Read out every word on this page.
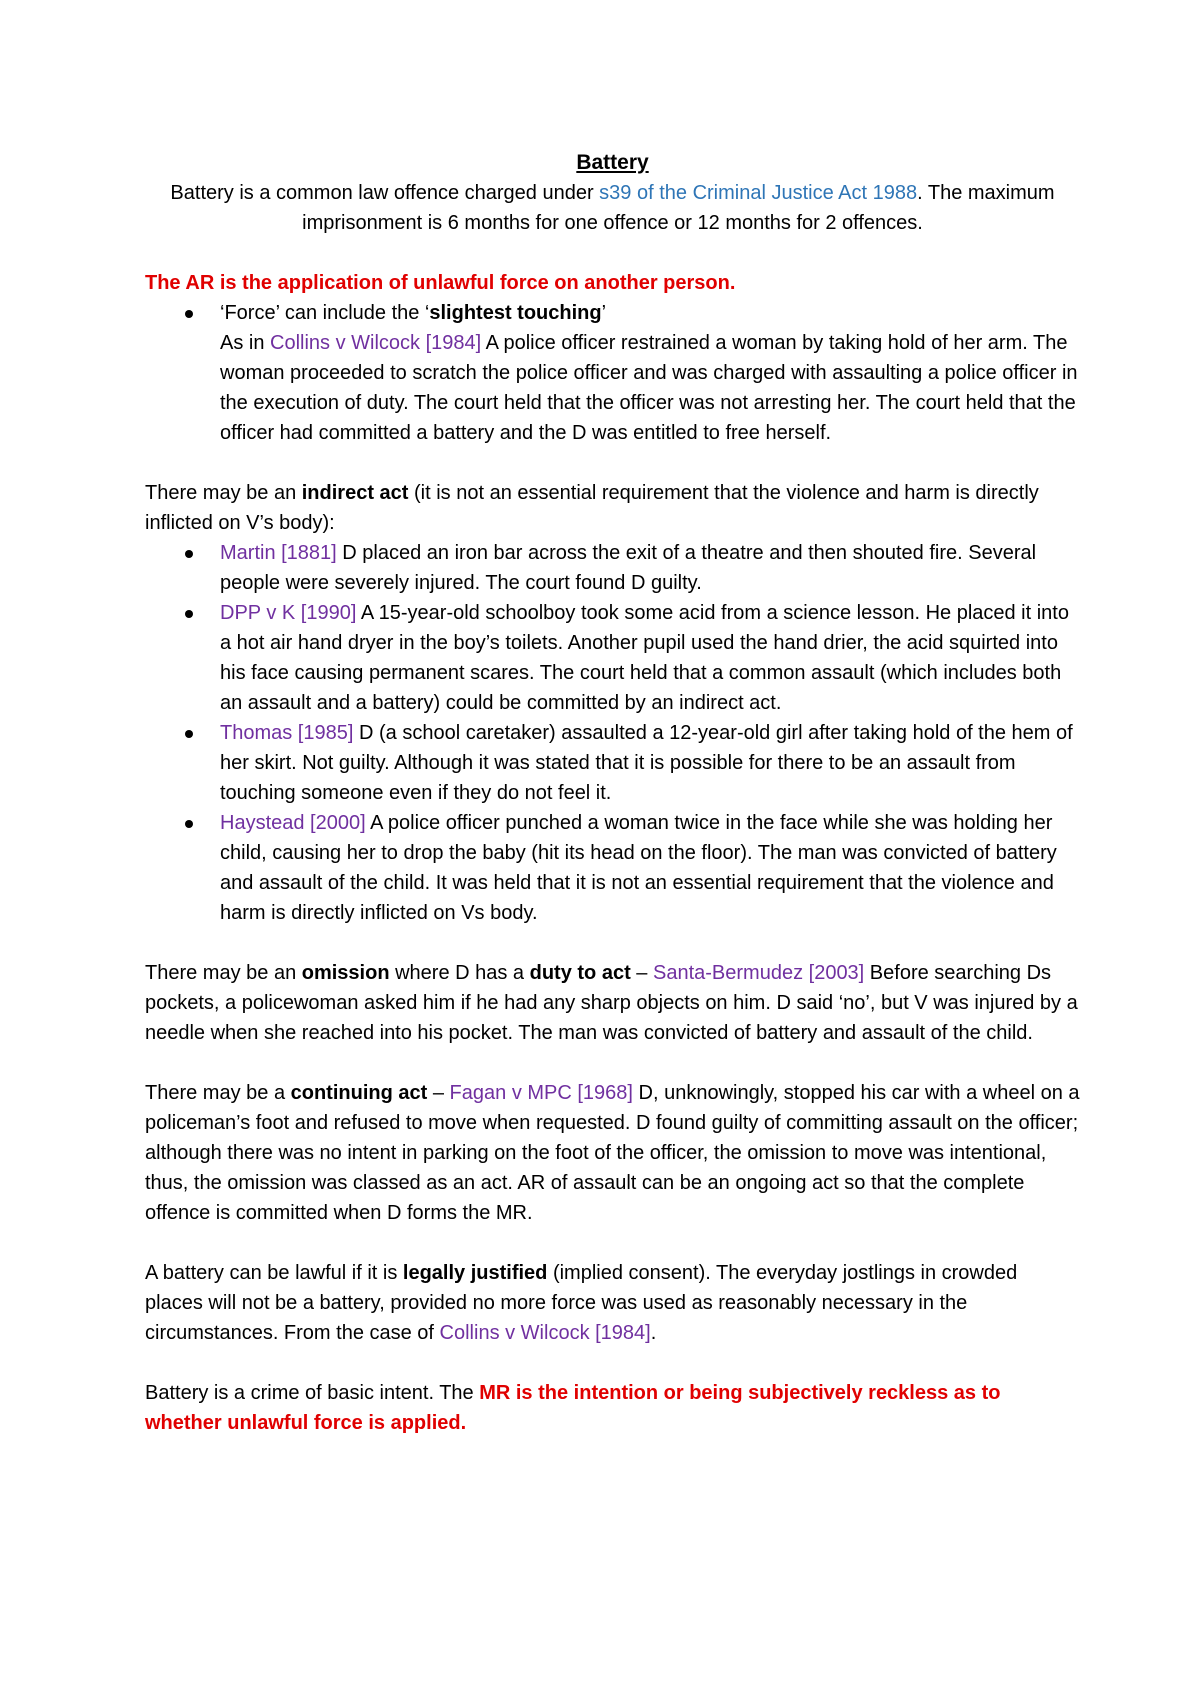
Battery

Battery is a common law offence charged under s39 of the Criminal Justice Act 1988. The maximum imprisonment is 6 months for one offence or 12 months for 2 offences.

The AR is the application of unlawful force on another person.

‘Force’ can include the ‘slightest touching’
As in Collins v Wilcock [1984] A police officer restrained a woman by taking hold of her arm. The woman proceeded to scratch the police officer and was charged with assaulting a police officer in the execution of duty. The court held that the officer was not arresting her. The court held that the officer had committed a battery and the D was entitled to free herself.

There may be an indirect act (it is not an essential requirement that the violence and harm is directly inflicted on V’s body):

Martin [1881] D placed an iron bar across the exit of a theatre and then shouted fire. Several people were severely injured. The court found D guilty.
DPP v K [1990] A 15-year-old schoolboy took some acid from a science lesson. He placed it into a hot air hand dryer in the boy’s toilets. Another pupil used the hand drier, the acid squirted into his face causing permanent scares. The court held that a common assault (which includes both an assault and a battery) could be committed by an indirect act.
Thomas [1985] D (a school caretaker) assaulted a 12-year-old girl after taking hold of the hem of her skirt. Not guilty. Although it was stated that it is possible for there to be an assault from touching someone even if they do not feel it.
Haystead [2000] A police officer punched a woman twice in the face while she was holding her child, causing her to drop the baby (hit its head on the floor). The man was convicted of battery and assault of the child. It was held that it is not an essential requirement that the violence and harm is directly inflicted on Vs body.

There may be an omission where D has a duty to act – Santa-Bermudez [2003] Before searching Ds pockets, a policewoman asked him if he had any sharp objects on him. D said ‘no’, but V was injured by a needle when she reached into his pocket. The man was convicted of battery and assault of the child.

There may be a continuing act – Fagan v MPC [1968] D, unknowingly, stopped his car with a wheel on a policeman’s foot and refused to move when requested. D found guilty of committing assault on the officer; although there was no intent in parking on the foot of the officer, the omission to move was intentional, thus, the omission was classed as an act. AR of assault can be an ongoing act so that the complete offence is committed when D forms the MR.

A battery can be lawful if it is legally justified (implied consent). The everyday jostlings in crowded places will not be a battery, provided no more force was used as reasonably necessary in the circumstances. From the case of Collins v Wilcock [1984].

Battery is a crime of basic intent. The MR is the intention or being subjectively reckless as to whether unlawful force is applied.
